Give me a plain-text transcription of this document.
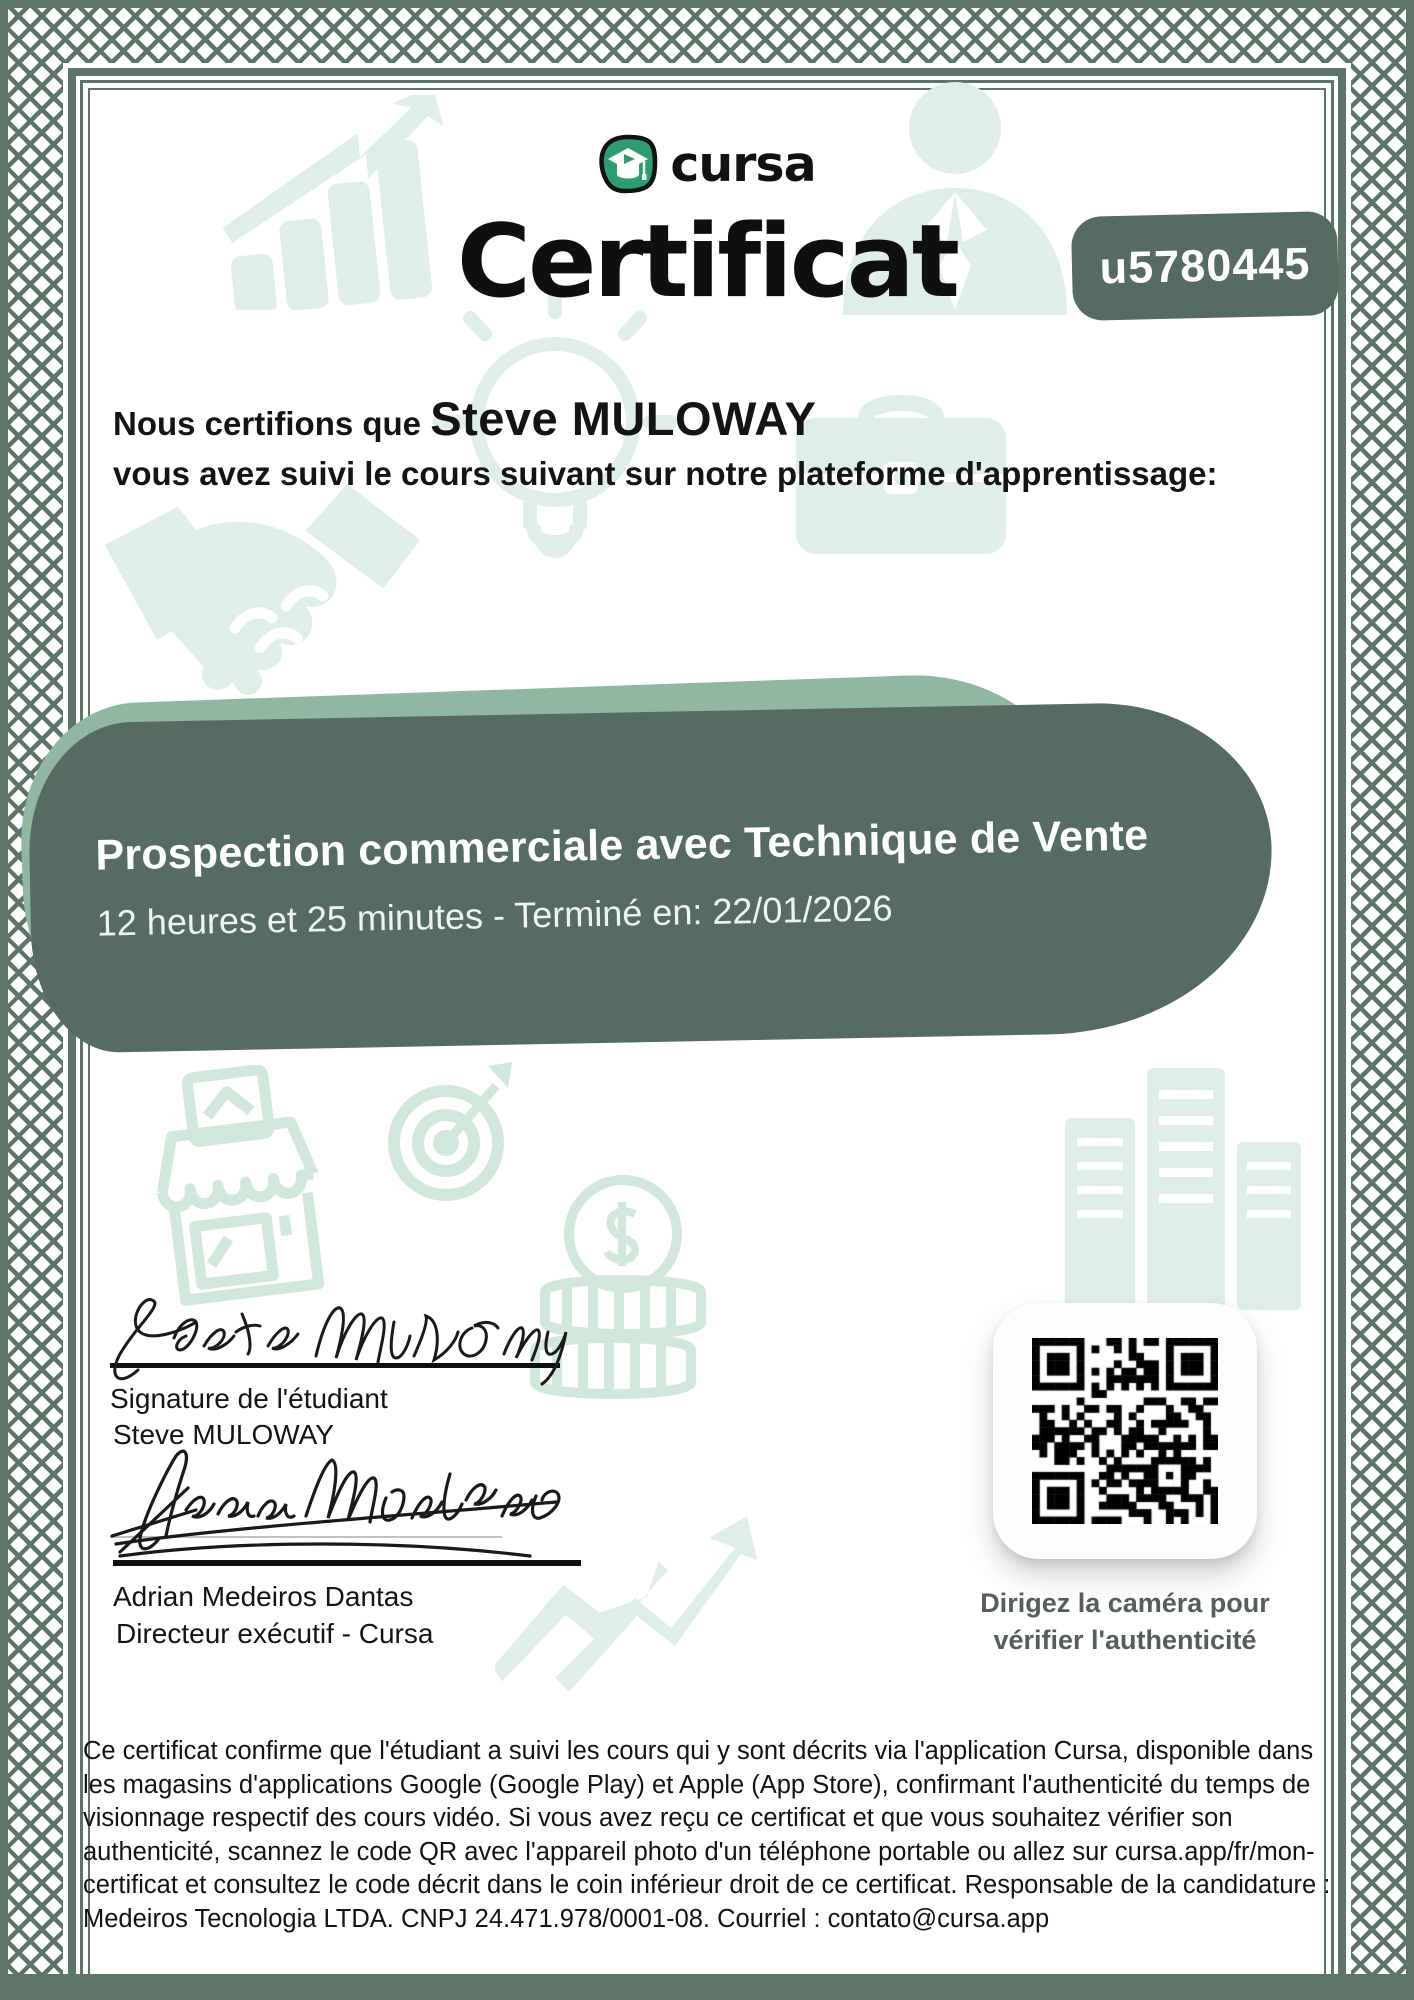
cursa
Certificat	u5780445
Nous certifions que Steve MULOWAY
vous avez suivi le cours suivant sur notre plateforme d'apprentissage:
Prospection commerciale avec Technique de Vente
12 heures et 25 minutes - Terminé en: 22/01/2026
Signature de l'étudiant
Steve MULOWAY
Adrian Medeiros Dantas
Directeur exécutif - Cursa
Dirigez la caméra pour
vérifier l'authenticité
Ce certificat confirme que l'étudiant a suivi les cours qui y sont décrits via l'application Cursa, disponible dans les magasins d'applications Google (Google Play) et Apple (App Store), confirmant l'authenticité du temps de visionnage respectif des cours vidéo. Si vous avez reçu ce certificat et que vous souhaitez vérifier son authenticité, scannez le code QR avec l'appareil photo d'un téléphone portable ou allez sur cursa.app/fr/mon-certificat et consultez le code décrit dans le coin inférieur droit de ce certificat. Responsable de la candidature : Medeiros Tecnologia LTDA. CNPJ 24.471.978/0001-08. Courriel : contato@cursa.app
